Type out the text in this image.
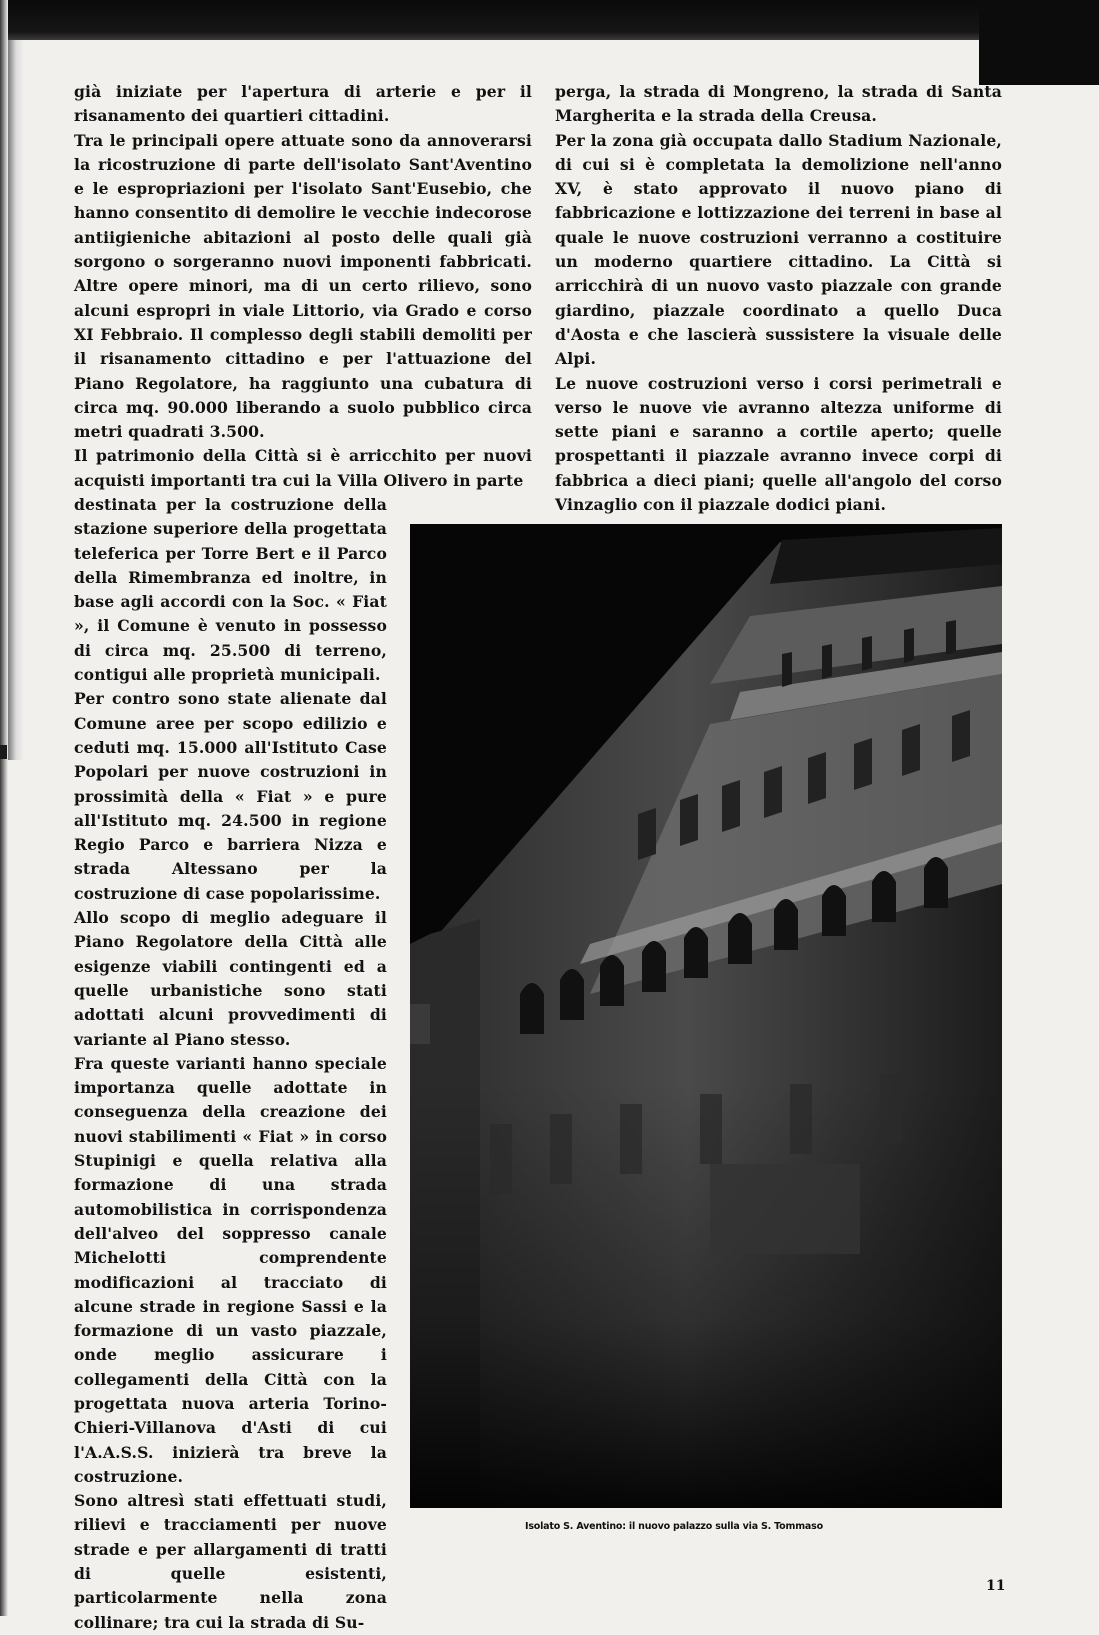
già iniziate per l'apertura di arterie e per il risanamento dei quartieri cittadini.

Tra le principali opere attuate sono da annoverarsi la ricostruzione di parte dell'isolato Sant'Aventino e le espropriazioni per l'isolato Sant'Eusebio, che hanno consentito di demolire le vecchie indecorose antiigieniche abitazioni al posto delle quali già sorgono o sorgeranno nuovi imponenti fabbricati. Altre opere minori, ma di un certo rilievo, sono alcuni espropri in viale Littorio, via Grado e corso XI Febbraio. Il complesso degli stabili demoliti per il risanamento cittadino e per l'attuazione del Piano Regolatore, ha raggiunto una cubatura di circa mq. 90.000 liberando a suolo pubblico circa metri quadrati 3.500.

Il patrimonio della Città si è arricchito per nuovi acquisti importanti tra cui la Villa Olivero in parte

destinata per la costruzione della stazione superiore della progettata teleferica per Torre Bert e il Parco della Rimembranza ed inoltre, in base agli accordi con la Soc. « Fiat », il Comune è venuto in possesso di circa mq. 25.500 di terreno, contigui alle proprietà municipali.

Per contro sono state alienate dal Comune aree per scopo edilizio e ceduti mq. 15.000 all'Istituto Case Popolari per nuove costruzioni in prossimità della « Fiat » e pure all'Istituto mq. 24.500 in regione Regio Parco e barriera Nizza e strada Altessano per la costruzione di case popolarissime.

Allo scopo di meglio adeguare il Piano Regolatore della Città alle esigenze viabili contingenti ed a quelle urbanistiche sono stati adottati alcuni provvedimenti di variante al Piano stesso.

Fra queste varianti hanno speciale importanza quelle adottate in conseguenza della creazione dei nuovi stabilimenti « Fiat » in corso Stupinigi e quella relativa alla formazione di una strada automobilistica in corrispondenza dell'alveo del soppresso canale Michelotti comprendente modificazioni al tracciato di alcune strade in regione Sassi e la formazione di un vasto piazzale, onde meglio assicurare i collegamenti della Città con la progettata nuova arteria Torino-Chieri-Villanova d'Asti di cui l'A.A.S.S. inizierà tra breve la costruzione.

Sono altresì stati effettuati studi, rilievi e tracciamenti per nuove strade e per allargamenti di tratti di quelle esistenti, particolarmente nella zona collinare; tra cui la strada di Su-

perga, la strada di Mongreno, la strada di Santa Margherita e la strada della Creusa.

Per la zona già occupata dallo Stadium Nazionale, di cui si è completata la demolizione nell'anno XV, è stato approvato il nuovo piano di fabbricazione e lottizzazione dei terreni in base al quale le nuove costruzioni verranno a costituire un moderno quartiere cittadino. La Città si arricchirà di un nuovo vasto piazzale con grande giardino, piazzale coordinato a quello Duca d'Aosta e che lascierà sussistere la visuale delle Alpi.

Le nuove costruzioni verso i corsi perimetrali e verso le nuove vie avranno altezza uniforme di sette piani e saranno a cortile aperto; quelle prospettanti il piazzale avranno invece corpi di fabbrica a dieci piani; quelle all'angolo del corso Vinzaglio con il piazzale dodici piani.

Isolato S. Aventino: il nuovo palazzo sulla via S. Tommaso
11
